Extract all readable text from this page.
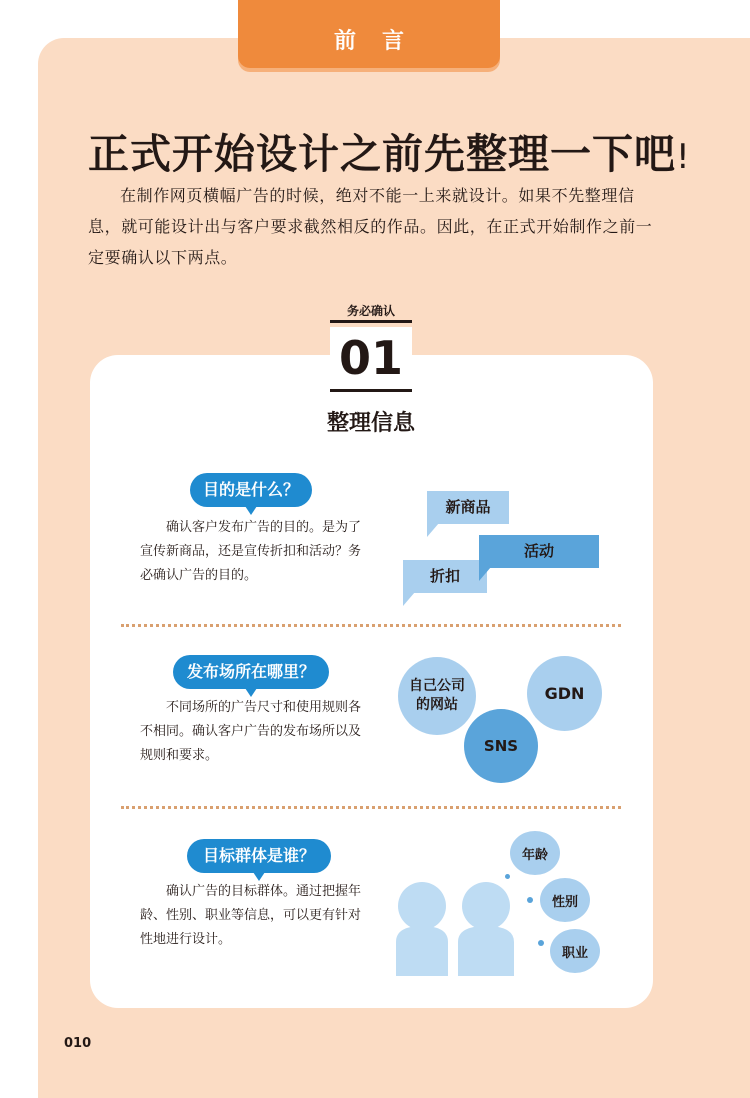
前言
正式开始设计之前先整理一下吧!

在制作网页横幅广告的时候，绝对不能一上来就设计。如果不先整理信息，就可能设计出与客户要求截然相反的作品。因此，在正式开始制作之前一定要确认以下两点。

务必确认
01
整理信息
目的是什么？

确认客户发布广告的目的。是为了宣传新商品，还是宣传折扣和活动？务必确认广告的目的。

新商品
折扣
活动
发布场所在哪里？

不同场所的广告尺寸和使用规则各不相同。确认客户广告的发布场所以及规则和要求。

自己公司的网站
GDN
SNS
目标群体是谁？

确认广告的目标群体。通过把握年龄、性别、职业等信息，可以更有针对性地进行设计。

年龄
性别
职业
010
